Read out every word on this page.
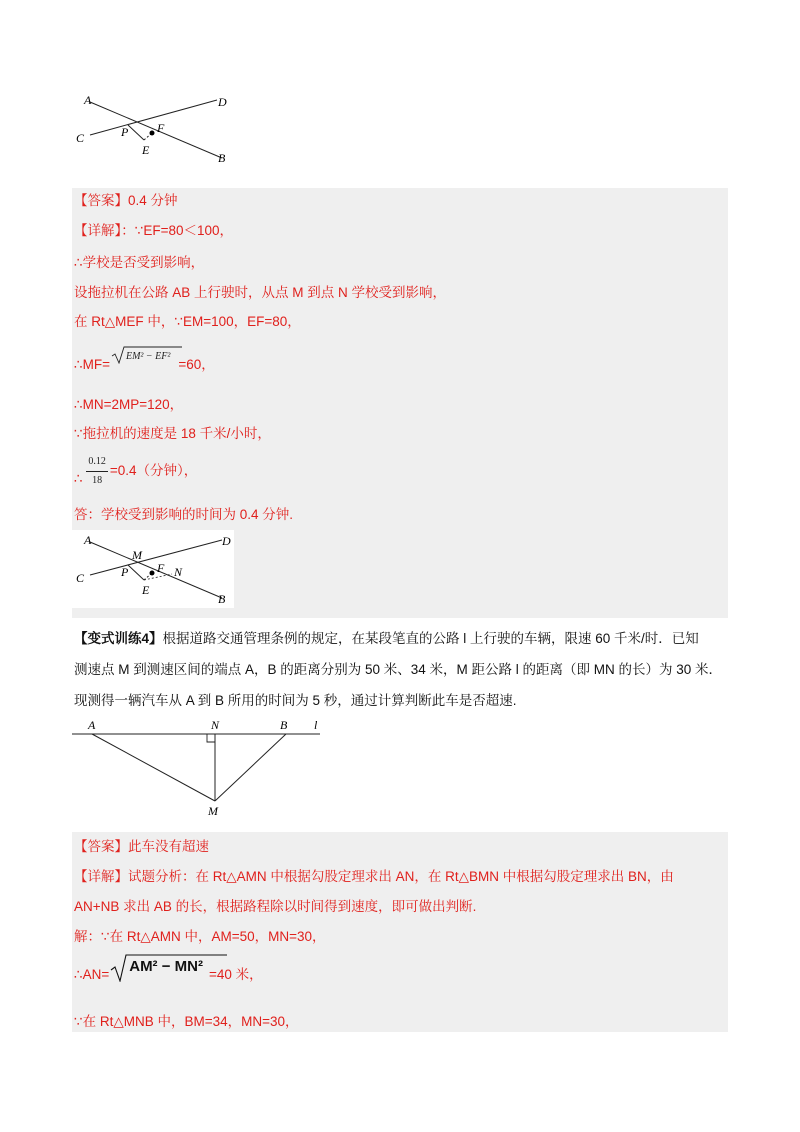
A	D
C	P F
E
B
【答案】0.4 分钟
【详解】：∵EF=80＜100，
∴学校是否受到影响，
设拖拉机在公路 AB 上行驶时，从点 M 到点 N 学校受到影响，
在 Rt△MEF 中，∵EM=100，EF=80，
∴MF=
EM² − EF²=60，
∴MN=2MP=120，
∵拖拉机的速度是 18 千米/小时，
∴ $\frac{0.12}{18} =0.4$（分钟），
答：学校受到影响的时间为 0.4 分钟.
A	D
C
M
P F N
E
B
【变式训练4】根据道路交通管理条例的规定，在某段笔直的公路 l 上行驶的车辆，限速 60 千米/时．已知
测速点 M 到测速区间的端点 A，B 的距离分别为 50 米、34 米，M 距公路 l 的距离（即 MN 的长）为 30 米．
现测得一辆汽车从 A 到 B 所用的时间为 5 秒，通过计算判断此车是否超速.
A	N	B l
M
【答案】此车没有超速
【详解】试题分析：在 Rt△AMN 中根据勾股定理求出 AN，在 Rt△BMN 中根据勾股定理求出 BN，由
AN+NB 求出 AB 的长，根据路程除以时间得到速度，即可做出判断.
解：∵在 Rt△AMN 中，AM=50，MN=30，
∴AN= AM² − MN² =40 米，
∵在 Rt△MNB 中，BM=34，MN=30，
